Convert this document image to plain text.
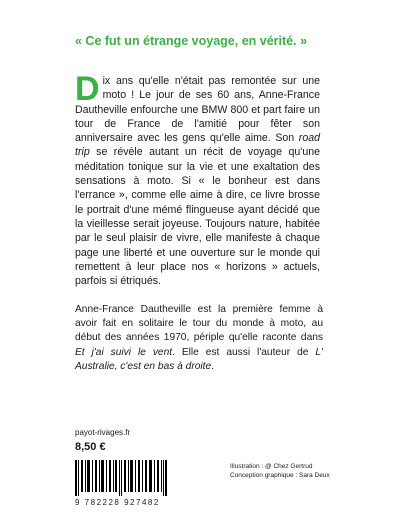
« Ce fut un étrange voyage, en vérité. »
Dix ans qu'elle n'était pas remontée sur une moto ! Le jour de ses 60 ans, Anne-France Dautheville enfourche une BMW 800 et part faire un tour de France de l'amitié pour fêter son anniversaire avec les gens qu'elle aime. Son road trip se révèle autant un récit de voyage qu'une méditation tonique sur la vie et une exaltation des sensations à moto. Si « le bonheur est dans l'errance », comme elle aime à dire, ce livre brosse le portrait d'une mémé flingueuse ayant décidé que la vieillesse serait joyeuse. Toujours nature, habitée par le seul plaisir de vivre, elle manifeste à chaque page une liberté et une ouverture sur le monde qui remettent à leur place nos « horizons » actuels, parfois si étriqués.
Anne-France Dautheville est la première femme à avoir fait en solitaire le tour du monde à moto, au début des années 1970, périple qu'elle raconte dans Et j'ai suivi le vent. Elle est aussi l'auteur de L' Australie, c'est en bas à droite.
payot-rivages.fr
8,50 €
9 782228 927482
Illustration : @ Chez Gertrud
Conception graphique : Sara Deux
